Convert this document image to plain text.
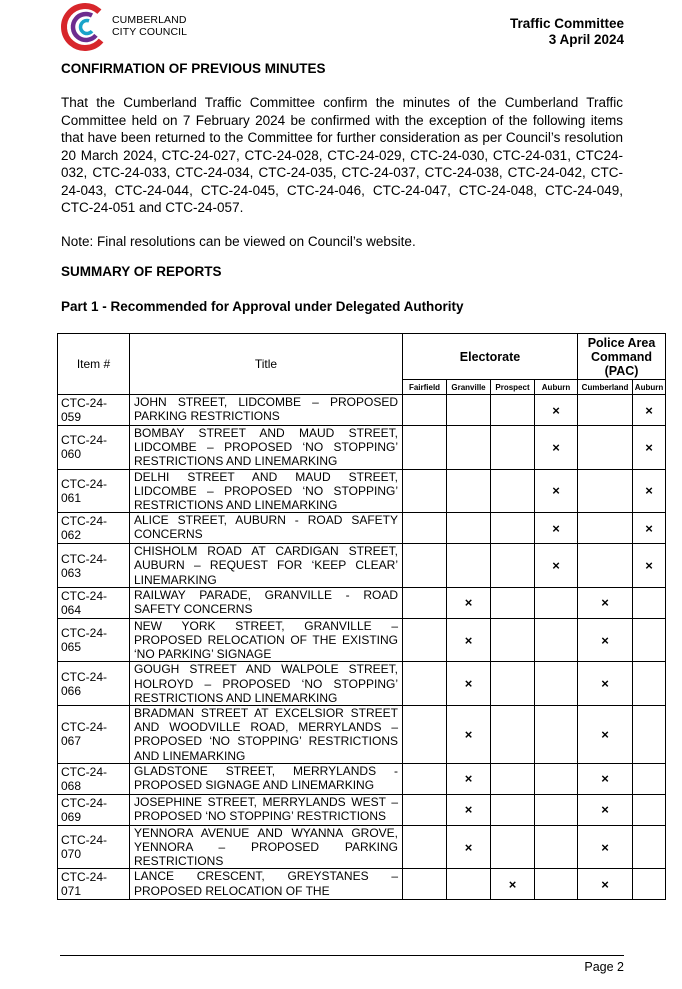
CUMBERLAND
CITY COUNCIL
Traffic Committee
3 April 2024
CONFIRMATION OF PREVIOUS MINUTES

That the Cumberland Traffic Committee confirm the minutes of the Cumberland Traffic Committee held on 7 February 2024 be confirmed with the exception of the following items that have been returned to the Committee for further consideration as per Council’s resolution 20 March 2024, CTC-24-027, CTC-24-028, CTC-24-029, CTC-24-030, CTC-24-031, CTC24-032, CTC-24-033, CTC-24-034, CTC-24-035, CTC-24-037, CTC-24-038, CTC-24-042, CTC-24-043, CTC-24-044, CTC-24-045, CTC-24-046, CTC-24-047, CTC-24-048, CTC-24-049, CTC-24-051 and CTC-24-057.

Note: Final resolutions can be viewed on Council’s website.

SUMMARY OF REPORTS
Part 1 - Recommended for Approval under Delegated Authority
Item #	Title	Electorate				Police Area Command (PAC)	
		Fairfield	Granville	Prospect	Auburn	Cumberland	Auburn
CTC-24-059	JOHN STREET, LIDCOMBE – PROPOSED PARKING RESTRICTIONS				×		×
CTC-24-060	BOMBAY STREET AND MAUD STREET, LIDCOMBE – PROPOSED ‘NO STOPPING’ RESTRICTIONS AND LINEMARKING				×		×
CTC-24-061	DELHI STREET AND MAUD STREET, LIDCOMBE – PROPOSED ‘NO STOPPING’ RESTRICTIONS AND LINEMARKING				×		×
CTC-24-062	ALICE STREET, AUBURN - ROAD SAFETY CONCERNS				×		×
CTC-24-063	CHISHOLM ROAD AT CARDIGAN STREET, AUBURN – REQUEST FOR ‘KEEP CLEAR’ LINEMARKING				×		×
CTC-24-064	RAILWAY PARADE, GRANVILLE - ROAD SAFETY CONCERNS		×			×	
CTC-24-065	NEW YORK STREET, GRANVILLE – PROPOSED RELOCATION OF THE EXISTING ‘NO PARKING’ SIGNAGE		×			×	
CTC-24-066	GOUGH STREET AND WALPOLE STREET, HOLROYD – PROPOSED ‘NO STOPPING’ RESTRICTIONS AND LINEMARKING		×			×	
CTC-24-067	BRADMAN STREET AT EXCELSIOR STREET AND WOODVILLE ROAD, MERRYLANDS – PROPOSED ‘NO STOPPING’ RESTRICTIONS AND LINEMARKING		×			×	
CTC-24-068	GLADSTONE STREET, MERRYLANDS - PROPOSED SIGNAGE AND LINEMARKING		×			×	
CTC-24-069	JOSEPHINE STREET, MERRYLANDS WEST – PROPOSED ‘NO STOPPING’ RESTRICTIONS		×			×	
CTC-24-070	YENNORA AVENUE AND WYANNA GROVE, YENNORA – PROPOSED PARKING RESTRICTIONS		×			×	
CTC-24-071	LANCE CRESCENT, GREYSTANES – PROPOSED RELOCATION OF THE			×		×	
Page 2
